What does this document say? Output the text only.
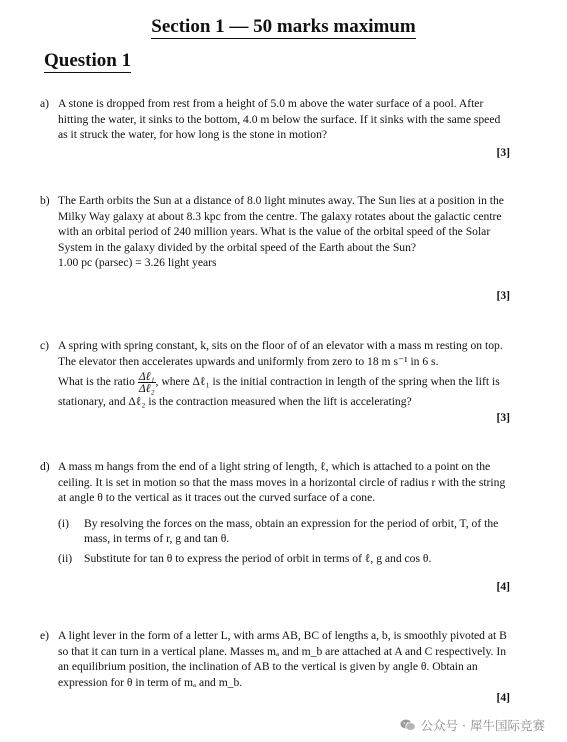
Section 1 — 50 marks maximum
Question 1
a) A stone is dropped from rest from a height of 5.0 m above the water surface of a pool. After hitting the water, it sinks to the bottom, 4.0 m below the surface. If it sinks with the same speed as it struck the water, for how long is the stone in motion?
[3]
b) The Earth orbits the Sun at a distance of 8.0 light minutes away. The Sun lies at a position in the Milky Way galaxy at about 8.3 kpc from the centre. The galaxy rotates about the galactic centre with an orbital period of 240 million years. What is the value of the orbital speed of the Solar System in the galaxy divided by the orbital speed of the Earth about the Sun?
1.00 pc (parsec) = 3.26 light years
[3]
c) A spring with spring constant, k, sits on the floor of of an elevator with a mass m resting on top. The elevator then accelerates upwards and uniformly from zero to 18 m s⁻¹ in 6 s.
What is the ratio $\frac{\text{Δℓ₁}}{\text{Δℓ₂}}$ , where Δℓ₁ is the initial contraction in length of the spring when the lift is stationary, and Δℓ₂ is the contraction measured when the lift is accelerating?
[3]
d) A mass m hangs from the end of a light string of length, ℓ, which is attached to a point on the ceiling. It is set in motion so that the mass moves in a horizontal circle of radius r with the string at angle θ to the vertical as it traces out the curved surface of a cone.
(i) By resolving the forces on the mass, obtain an expression for the period of orbit, T, of the mass, in terms of r, g and tan θ.
(ii) Substitute for tan θ to express the period of orbit in terms of ℓ, g and cos θ.
[4]
e) A light lever in the form of a letter L, with arms AB, BC of lengths a, b, is smoothly pivoted at B so that it can turn in a vertical plane. Masses mₐ and m_b are attached at A and C respectively. In an equilibrium position, the inclination of AB to the vertical is given by angle θ. Obtain an expression for θ in term of mₐ and m_b.
[4]
公众号 · 犀牛国际竞赛
